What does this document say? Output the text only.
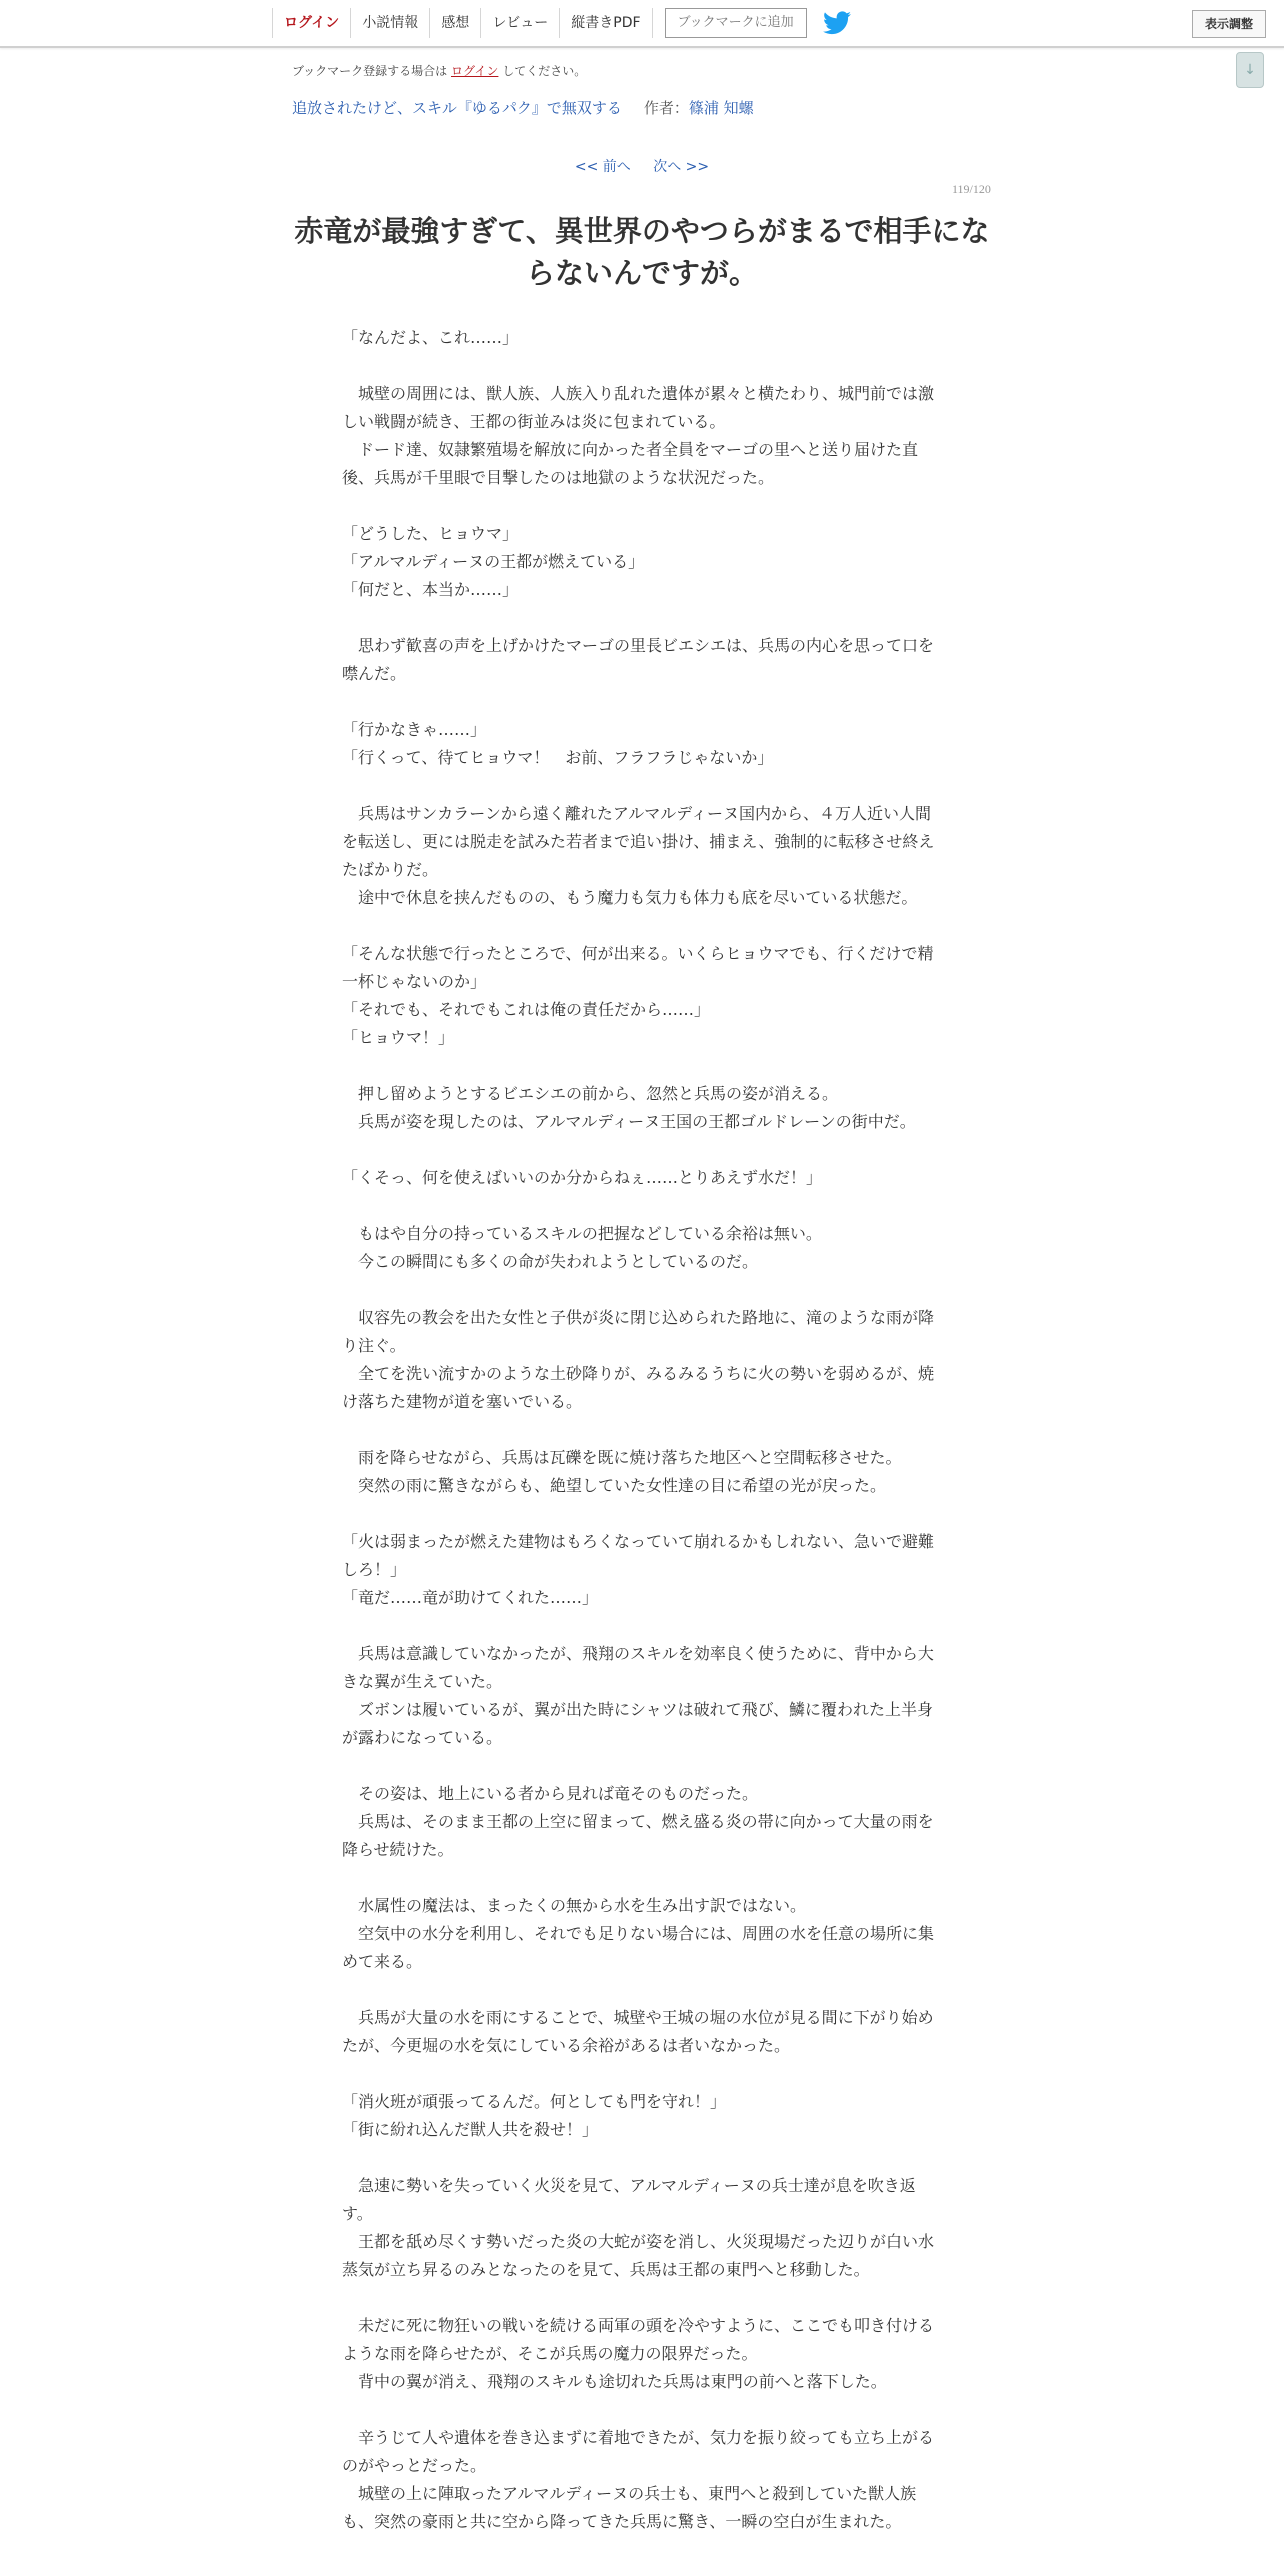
ログイン	小説情報	感想	レビュー	縦書きPDF	ブックマークに追加	表示調整
↓
ブックマーク登録する場合は ログイン してください。
追放されたけど、スキル『ゆるパク』で無双する 作者：篠浦 知螺
<< 前へ 次へ >>
119/120
赤竜が最強すぎて、異世界のやつらがまるで相手にならないんですが。

「なんだよ、これ……」

　城壁の周囲には、獣人族、人族入り乱れた遺体が累々と横たわり、城門前では激しい戦闘が続き、王都の街並みは炎に包まれている。

　ドード達、奴隷繁殖場を解放に向かった者全員をマーゴの里へと送り届けた直後、兵馬が千里眼で目撃したのは地獄のような状況だった。

「どうした、ヒョウマ」

「アルマルディーヌの王都が燃えている」

「何だと、本当か……」

　思わず歓喜の声を上げかけたマーゴの里長ビエシエは、兵馬の内心を思って口を噤んだ。

「行かなきゃ……」

「行くって、待てヒョウマ！　お前、フラフラじゃないか」

　兵馬はサンカラーンから遠く離れたアルマルディーヌ国内から、４万人近い人間を転送し、更には脱走を試みた若者まで追い掛け、捕まえ、強制的に転移させ終えたばかりだ。

　途中で休息を挟んだものの、もう魔力も気力も体力も底を尽いている状態だ。

「そんな状態で行ったところで、何が出来る。いくらヒョウマでも、行くだけで精一杯じゃないのか」

「それでも、それでもこれは俺の責任だから……」

「ヒョウマ！」

　押し留めようとするビエシエの前から、忽然と兵馬の姿が消える。

　兵馬が姿を現したのは、アルマルディーヌ王国の王都ゴルドレーンの街中だ。

「くそっ、何を使えばいいのか分からねぇ……とりあえず水だ！」

　もはや自分の持っているスキルの把握などしている余裕は無い。

　今この瞬間にも多くの命が失われようとしているのだ。

　収容先の教会を出た女性と子供が炎に閉じ込められた路地に、滝のような雨が降り注ぐ。

　全てを洗い流すかのような土砂降りが、みるみるうちに火の勢いを弱めるが、焼け落ちた建物が道を塞いでいる。

　雨を降らせながら、兵馬は瓦礫を既に焼け落ちた地区へと空間転移させた。

　突然の雨に驚きながらも、絶望していた女性達の目に希望の光が戻った。

「火は弱まったが燃えた建物はもろくなっていて崩れるかもしれない、急いで避難しろ！」

「竜だ……竜が助けてくれた……」

　兵馬は意識していなかったが、飛翔のスキルを効率良く使うために、背中から大きな翼が生えていた。

　ズボンは履いているが、翼が出た時にシャツは破れて飛び、鱗に覆われた上半身が露わになっている。

　その姿は、地上にいる者から見れば竜そのものだった。

　兵馬は、そのまま王都の上空に留まって、燃え盛る炎の帯に向かって大量の雨を降らせ続けた。

　水属性の魔法は、まったくの無から水を生み出す訳ではない。

　空気中の水分を利用し、それでも足りない場合には、周囲の水を任意の場所に集めて来る。

　兵馬が大量の水を雨にすることで、城壁や王城の堀の水位が見る間に下がり始めたが、今更堀の水を気にしている余裕があるは者いなかった。

「消火班が頑張ってるんだ。何としても門を守れ！」

「街に紛れ込んだ獣人共を殺せ！」

　急速に勢いを失っていく火災を見て、アルマルディーヌの兵士達が息を吹き返す。

　王都を舐め尽くす勢いだった炎の大蛇が姿を消し、火災現場だった辺りが白い水蒸気が立ち昇るのみとなったのを見て、兵馬は王都の東門へと移動した。

　未だに死に物狂いの戦いを続ける両軍の頭を冷やすように、ここでも叩き付けるような雨を降らせたが、そこが兵馬の魔力の限界だった。

　背中の翼が消え、飛翔のスキルも途切れた兵馬は東門の前へと落下した。

　辛うじて人や遺体を巻き込まずに着地できたが、気力を振り絞っても立ち上がるのがやっとだった。

　城壁の上に陣取ったアルマルディーヌの兵士も、東門へと殺到していた獣人族も、突然の豪雨と共に空から降ってきた兵馬に驚き、一瞬の空白が生まれた。
